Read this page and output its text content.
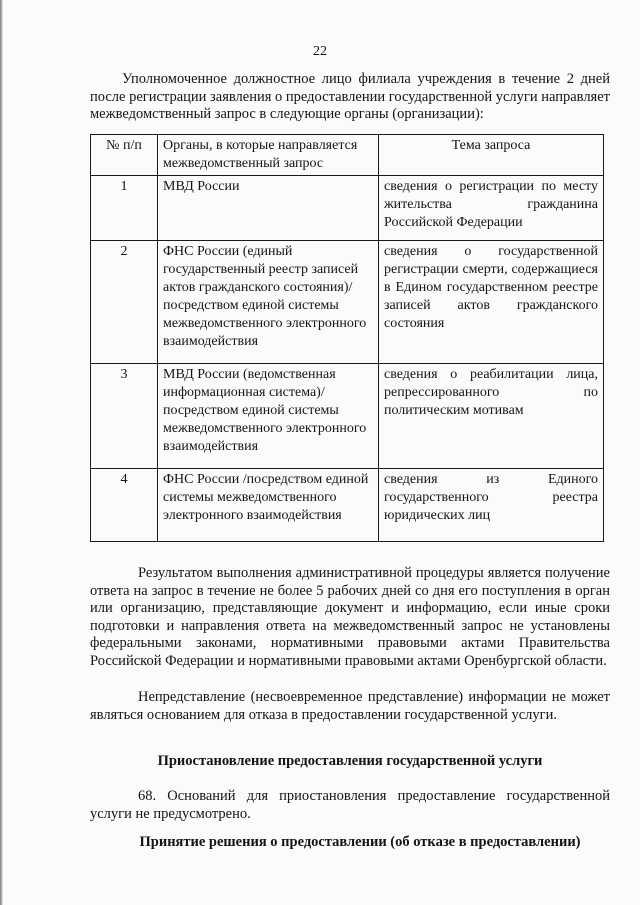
22

Уполномоченное должностное лицо филиала учреждения в течение 2 дней после регистрации заявления о предоставлении государственной услуги направляет межведомственный запрос в следующие органы (организации):

№ п/п	Органы, в которые направляется межведомственный запрос	Тема запроса
1	МВД России	сведения о регистрации по месту жительства гражданина Российской Федерации
2	ФНС России (единый государственный реестр записей актов гражданского состояния)/посредством единой системы межведомственного электронного взаимодействия	сведения о государственной регистрации смерти, содержащиеся в Едином государственном реестре записей актов гражданского состояния
3	МВД России (ведомственная информационная система)/посредством единой системы межведомственного электронного взаимодействия	сведения о реабилитации лица, репрессированного по политическим мотивам
4	ФНС России /посредством единой системы межведомственного электронного взаимодействия	сведения из Единого государственного реестра юридических лиц

Результатом выполнения административной процедуры является получение ответа на запрос в течение не более 5 рабочих дней со дня его поступления в орган или организацию, представляющие документ и информацию, если иные сроки подготовки и направления ответа на межведомственный запрос не установлены федеральными законами, нормативными правовыми актами Правительства Российской Федерации и нормативными правовыми актами Оренбургской области.

Непредставление (несвоевременное представление) информации не может являться основанием для отказа в предоставлении государственной услуги.

Приостановление предоставления государственной услуги

68. Оснований для приостановления предоставление государственной услуги не предусмотрено.

Принятие решения о предоставлении (об отказе в предоставлении)
